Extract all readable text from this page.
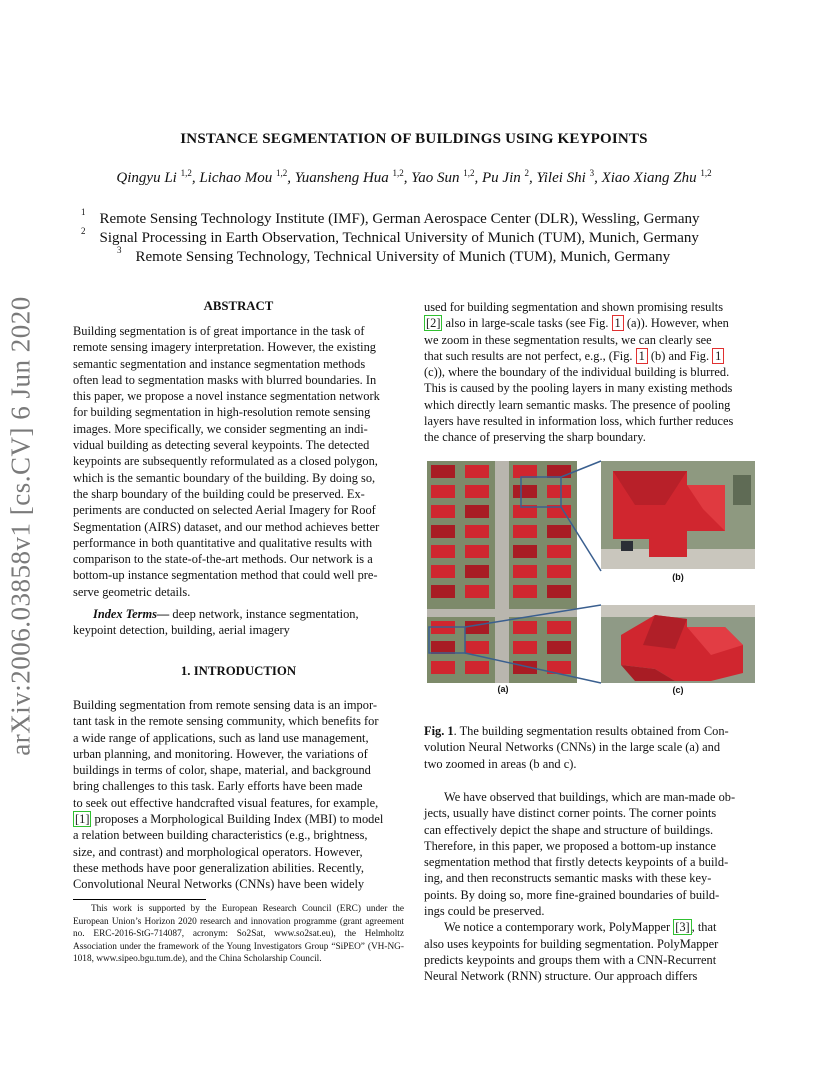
INSTANCE SEGMENTATION OF BUILDINGS USING KEYPOINTS
Qingyu Li $^{1,2}$, Lichao Mou $^{1,2}$, Yuansheng Hua $^{1,2}$, Yao Sun $^{1,2}$, Pu Jin $^2$, Yilei Shi $^3$, Xiao Xiang Zhu $^{1,2}$
$^1$ Remote Sensing Technology Institute (IMF), German Aerospace Center (DLR), Wessling, Germany
$^2$ Signal Processing in Earth Observation, Technical University of Munich (TUM), Munich, Germany
$^3$ Remote Sensing Technology, Technical University of Munich (TUM), Munich, Germany
arXiv:2006.03858v1 [cs.CV] 6 Jun 2020	ABSTRACT

Building segmentation is of great importance in the task of

remote sensing imagery interpretation. However, the existing

semantic segmentation and instance segmentation methods

often lead to segmentation masks with blurred boundaries. In

this paper, we propose a novel instance segmentation network

for building segmentation in high-resolution remote sensing

images. More specifically, we consider segmenting an indi-

vidual building as detecting several keypoints. The detected

keypoints are subsequently reformulated as a closed polygon,

which is the semantic boundary of the building. By doing so,

the sharp boundary of the building could be preserved. Ex-

periments are conducted on selected Aerial Imagery for Roof

Segmentation (AIRS) dataset, and our method achieves better

performance in both quantitative and qualitative results with

comparison to the state-of-the-art methods. Our network is a

bottom-up instance segmentation method that could well pre-

serve geometric details.

Index Terms— deep network, instance segmentation,

keypoint detection, building, aerial imagery

1. INTRODUCTION

Building segmentation from remote sensing data is an impor-

tant task in the remote sensing community, which benefits for

a wide range of applications, such as land use management,

urban planning, and monitoring. However, the variations of

buildings in terms of color, shape, material, and background

bring challenges to this task. Early efforts have been made

to seek out effective handcrafted visual features, for example,

[1] proposes a Morphological Building Index (MBI) to model

a relation between building characteristics (e.g., brightness,

size, and contrast) and morphological operators. However,

these methods have poor generalization abilities. Recently,

Convolutional Neural Networks (CNNs) have been widely

This work is supported by the European Research Council (ERC) under the European Union’s Horizon 2020 research and innovation programme (grant agreement no. ERC-2016-StG-714087, acronym: So2Sat, www.so2sat.eu), the Helmholtz Association under the framework of the Young Investigators Group “SiPEO” (VH-NG-1018, www.sipeo.bgu.tum.de), and the China Scholarship Council.

used for building segmentation and shown promising results

[2] also in large-scale tasks (see Fig. 1 (a)). However, when

we zoom in these segmentation results, we can clearly see

that such results are not perfect, e.g., (Fig. 1 (b) and Fig. 1

(c)), where the boundary of the individual building is blurred.

This is caused by the pooling layers in many existing methods

which directly learn semantic masks. The presence of pooling

layers have resulted in information loss, which further reduces

the chance of preserving the sharp boundary.

(a)
(b)
(c)

Fig. 1. The building segmentation results obtained from Con-

volution Neural Networks (CNNs) in the large scale (a) and

two zoomed in areas (b and c).

We have observed that buildings, which are man-made ob-

jects, usually have distinct corner points. The corner points

can effectively depict the shape and structure of buildings.

Therefore, in this paper, we proposed a bottom-up instance

segmentation method that firstly detects keypoints of a build-

ing, and then reconstructs semantic masks with these key-

points. By doing so, more fine-grained boundaries of build-

ings could be preserved.

We notice a contemporary work, PolyMapper [3] , that

also uses keypoints for building segmentation. PolyMapper

predicts keypoints and groups them with a CNN-Recurrent

Neural Network (RNN) structure. Our approach differs
